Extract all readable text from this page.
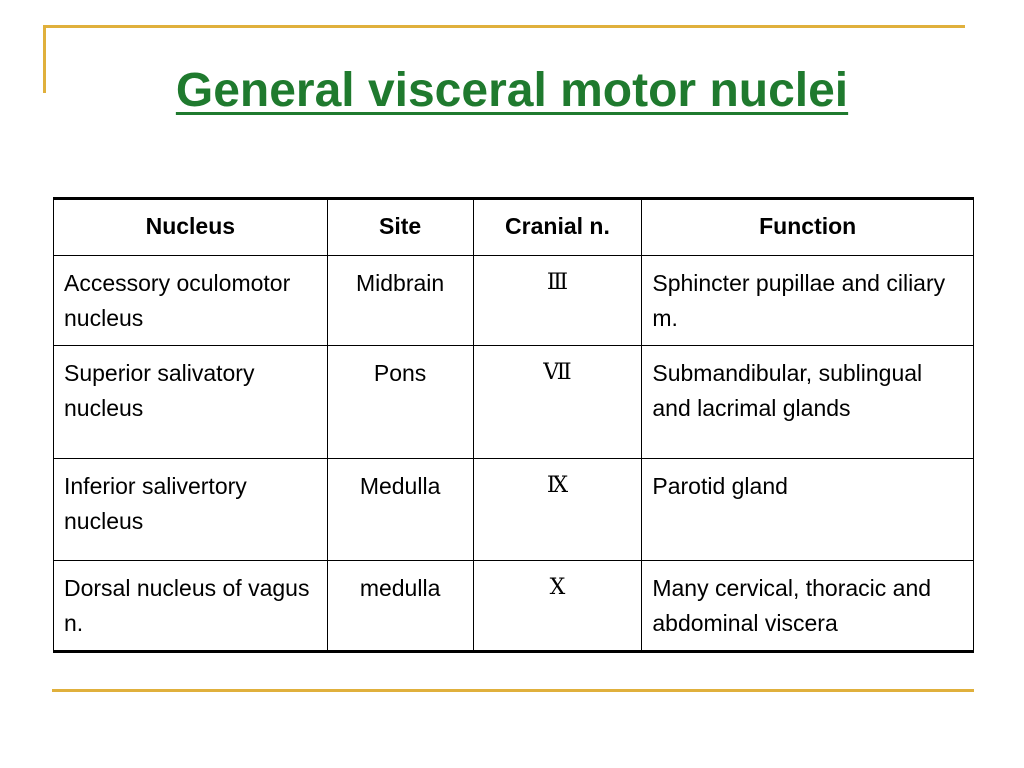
General visceral motor nuclei
Nucleus	Site	Cranial n.	Function
Accessory oculomotor nucleus	Midbrain	Ⅲ	Sphincter pupillae and ciliary m.
Superior salivatory nucleus	Pons	Ⅶ	Submandibular, sublingual and lacrimal glands
Inferior salivertory nucleus	Medulla	Ⅸ	Parotid gland
Dorsal nucleus of vagus n.	medulla	Ⅹ	Many cervical, thoracic and abdominal viscera
